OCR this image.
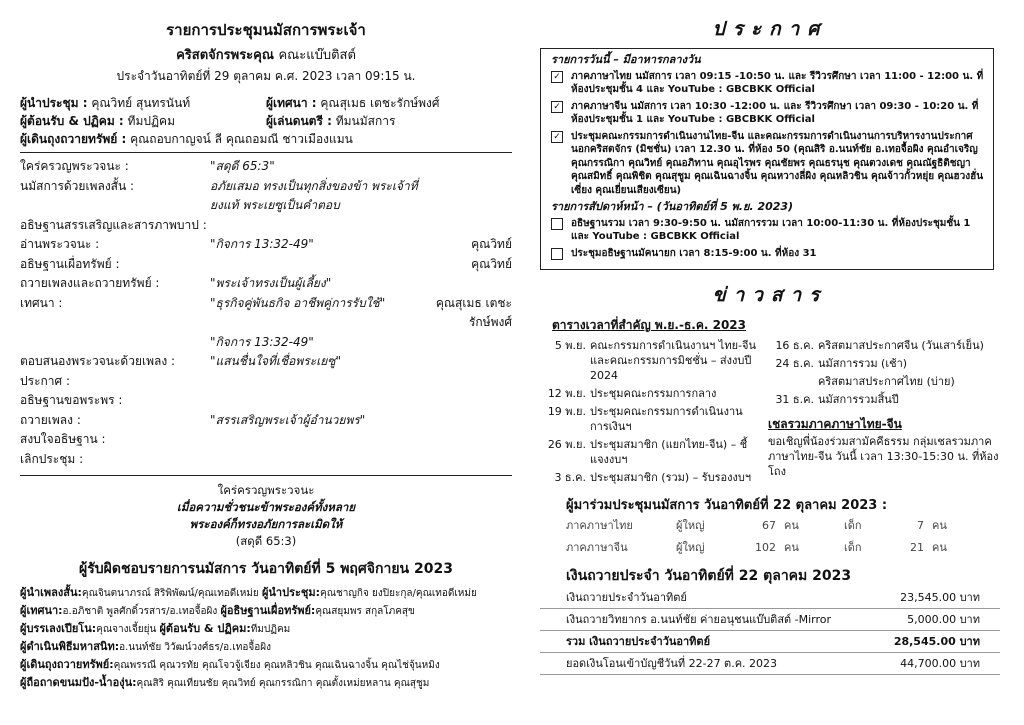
รายการประชุมนมัสการพระเจ้า
คริสตจักรพระคุณ คณะแบ๊บติสต์
ประจำวันอาทิตย์ที่ 29 ตุลาคม ค.ศ. 2023 เวลา 09:15 น.
ผู้นำประชุม : คุณวิทย์ สุนทรนันท์	ผู้เทศนา : คุณสุเมธ เตชะรักษ์พงศ์
ผู้ต้อนรับ & ปฏิคม : ทีมปฏิคม	ผู้เล่นดนตรี : ทีมนมัสการ
ผู้เดินถุงถวายทรัพย์ : คุณถอบกาญจน์ ลี คุณถอมณี ชาวเมืองแมน
ใคร่ครวญพระวจนะ :	"สดุดี 65:3"
นมัสการด้วยเพลงสั้น :	อภัยเสมอ ทรงเป็นทุกสิ่งของข้า พระเจ้าที่ยงแท้ พระเยซูเป็นคำตอบ
อธิษฐานสรรเสริญและสารภาพบาป :
อ่านพระวจนะ :	"กิจการ 13:32-49"	คุณวิทย์
อธิษฐานเผื่อทรัพย์ :	คุณวิทย์
ถวายเพลงและถวายทรัพย์ :	"พระเจ้าทรงเป็นผู้เลี้ยง"
เทศนา :	"ธุรกิจคู่พันธกิจ อาชีพคู่การรับใช้"	คุณสุเมธ เตชะรักษ์พงศ์
"กิจการ 13:32-49"
ตอบสนองพระวจนะด้วยเพลง :	"แสนชื่นใจที่เชื่อพระเยซู"
ประกาศ :
อธิษฐานขอพระพร :
ถวายเพลง :	"สรรเสริญพระเจ้าผู้อำนวยพร"
สงบใจอธิษฐาน :
เลิกประชุม :
ใคร่ครวญพระวจนะ
เมื่อความชั่วชนะข้าพระองค์ทั้งหลาย
พระองค์ก็ทรงอภัยการละเมิดให้
(สดุดี 65:3)
ผู้รับผิดชอบรายการนมัสการ วันอาทิตย์ที่ 5 พฤศจิกายน 2023
ผู้นำเพลงสั้น:คุณจินตนาภรณ์ สิริพิพัฒน์/คุณเทอดีเหม่ย ผู้นำประชุม:คุณชาญกิจ ยงปิยะกุล/คุณเทอดีเหม่ย
ผู้เทศนา:อ.อภิชาติ พูลศักดิ์วรสาร/อ.เทอจื้อผิง ผู้อธิษฐานเผื่อทรัพย์:คุณสยุมพร สกุลโภคสุข
ผู้บรรเลงเปียโน:คุณจางเจี้ยยุ่น ผู้ต้อนรับ & ปฏิคม:ทีมปฏิคม
ผู้ดำเนินพิธีมหาสนิท:อ.นนท์ชัย วิวัฒน์วงศ์ธร/อ.เทอจื้อผิง
ผู้เดินถุงถวายทรัพย์:คุณพรรณี คุณวรทัย คุณโจวจู้เจียง คุณหลิวชิน คุณเฉินฉางจิ้น คุณไช่จุ้นหมิง
ผู้ถือถาดขนมปัง-น้ำองุ่น:คุณสิริ คุณเทียนชัย คุณวิทย์ คุณกรรณิกา คุณตั้งเหม่ยหลาน คุณสุชูม
ประกาศ
รายการวันนี้ – มีอาหารกลางวัน
✓ ภาคภาษาไทย นมัสการ เวลา 09:15 -10:50 น. และ รีวิวรศึกษา เวลา 11:00 - 12:00 น. ที่ห้องประชุมชั้น 4 และ YouTube : GBCBKK Official
✓ ภาคภาษาจีน นมัสการ เวลา 10:30 -12:00 น. และ รีวิวรศึกษา เวลา 09:30 - 10:20 น. ที่ห้องประชุมชั้น 1 และ YouTube : GBCBKK Official
✓ ประชุมคณะกรรมการดำเนินงานไทย-จีน และคณะกรรมการดำเนินงานการบริหารงานประกาศนอกคริสตจักร (มิชชั่น) เวลา 12.30 น. ที่ห้อง 50 (คุณสิริ อ.นนท์ชัย อ.เทอจื้อผิง คุณอำเจริญ คุณกรรณิกา คุณวิทย์ คุณอภิทาน คุณอุไรพร คุณชัยพร คุณธรนุช คุณตวงเดช คุณณัฐธิติชญา คุณสมิทธิ์ คุณพิชิต คุณสุชูม คุณเฉินฉางจิ้น คุณหวางลี่ผิง คุณหลิวชิน คุณจ้าวกั้วหยุ่ย คุณฮวงฮั่นเซี่ยง คุณเยี่ยนเสียงเซียน)
รายการสัปดาห์หน้า – (วันอาทิตย์ที่ 5 พ.ย. 2023)
อธิษฐานรวม เวลา 9:30-9:50 น. นมัสการรวม เวลา 10:00-11:30 น. ที่ห้องประชุมชั้น 1 และ YouTube : GBCBKK Official
ประชุมอธิษฐานมัคนายก เวลา 8:15-9:00 น. ที่ห้อง 31
ข่าวสาร
ตารางเวลาที่สำคัญ พ.ย.-ธ.ค. 2023
5 พ.ย. คณะกรรมการดำเนินงานฯ ไทย-จีน และคณะกรรมการมิชชั่น – ส่งงบปี 2024
12 พ.ย. ประชุมคณะกรรมการกลาง
19 พ.ย. ประชุมคณะกรรมการดำเนินงานการเงินฯ
26 พ.ย. ประชุมสมาชิก (แยกไทย-จีน) – ชี้แจงงบฯ
3 ธ.ค. ประชุมสมาชิก (รวม) – รับรองงบฯ
16 ธ.ค. คริสตมาสประกาศจีน (วันเสาร์เย็น)
24 ธ.ค. นมัสการรวม (เช้า)
คริสตมาสประกาศไทย (บ่าย)
31 ธ.ค. นมัสการรวมสิ้นปี
เชลรวมภาคภาษาไทย-จีน
ขอเชิญพี่น้องร่วมสามัคคีธรรม กลุ่มเชลรวมภาคภาษาไทย-จีน วันนี้ เวลา 13:30-15:30 น. ที่ห้องโถง
ผู้มาร่วมประชุมนมัสการ วันอาทิตย์ที่ 22 ตุลาคม 2023 :
ภาคภาษาไทย	ผู้ใหญ่	67 คน	เด็ก	7 คน
ภาคภาษาจีน	ผู้ใหญ่	102 คน	เด็ก	21 คน
เงินถวายประจำ วันอาทิตย์ที่ 22 ตุลาคม 2023
เงินถวายประจำวันอาทิตย์	23,545.00 บาท
เงินถวายวิทยากร อ.นนท์ชัย ค่ายอนุชนแบ๊บติสต์ -Mirror	5,000.00 บาท
รวม เงินถวายประจำวันอาทิตย์	28,545.00 บาท
ยอดเงินโอนเข้าบัญชีวันที่ 22-27 ต.ค. 2023	44,700.00 บาท
